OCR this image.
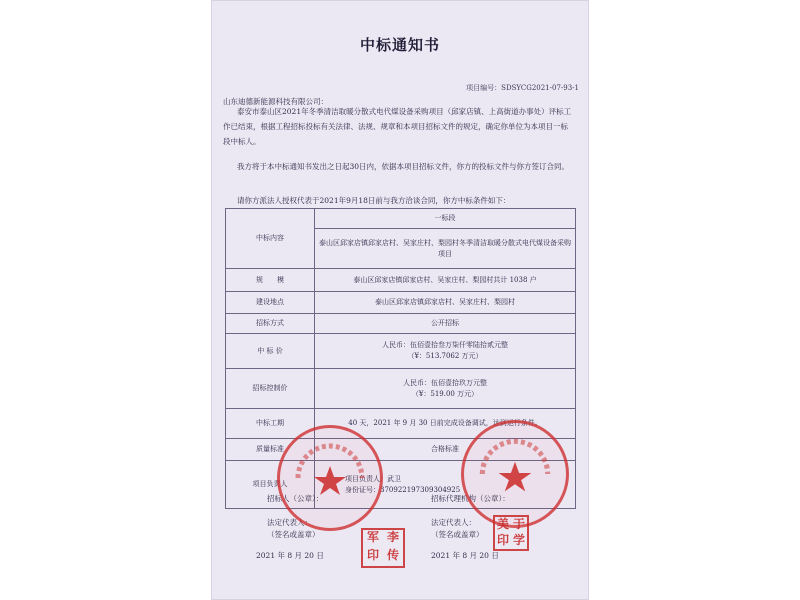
中标通知书
项目编号：SDSYCG2021-07-93-1
山东迪德新能源科技有限公司：

泰安市泰山区2021年冬季清洁取暖分散式电代煤设备采购项目（邱家店镇、上高街道办事处）评标工作已结束，根据工程招标投标有关法律、法规、规章和本项目招标文件的规定，确定你单位为本项目一标段中标人。

我方将于本中标通知书发出之日起30日内，依据本项目招标文件，你方的投标文件与你方签订合同。

请你方派法人授权代表于2021年9月18日前与我方洽谈合同，你方中标条件如下：

中标内容	一标段
	泰山区邱家店镇邱家店村、吴家庄村、梨园村冬季清洁取暖分散式电代煤设备采购项目
规　　模	泰山区邱家店镇邱家店村、吴家庄村、梨园村共计 1038 户
建设地点	泰山区邱家店镇邱家店村、吴家庄村、梨园村
招标方式	公开招标
中 标 价	人民币：伍佰壹拾叁万柒仟零陆拾贰元整
（¥：513.7062 万元）

招标控制价	人民币：伍佰壹拾玖万元整
（¥：519.00 万元）

中标工期	40 天，2021 年 9 月 30 日前完成设备调试，达到运行条件。
质量标准	合格标准
项目负责人	项目负责人：武卫
身份证号：370922197309304925
招标人（公章）：
法定代表人：
（签名或盖章）
2021 年 8 月 20 日
招标代理机构（公章）：
法定代表人：
（签名或盖章）
2021 年 8 月 20 日
军 李
印 传
美 于
印 学
